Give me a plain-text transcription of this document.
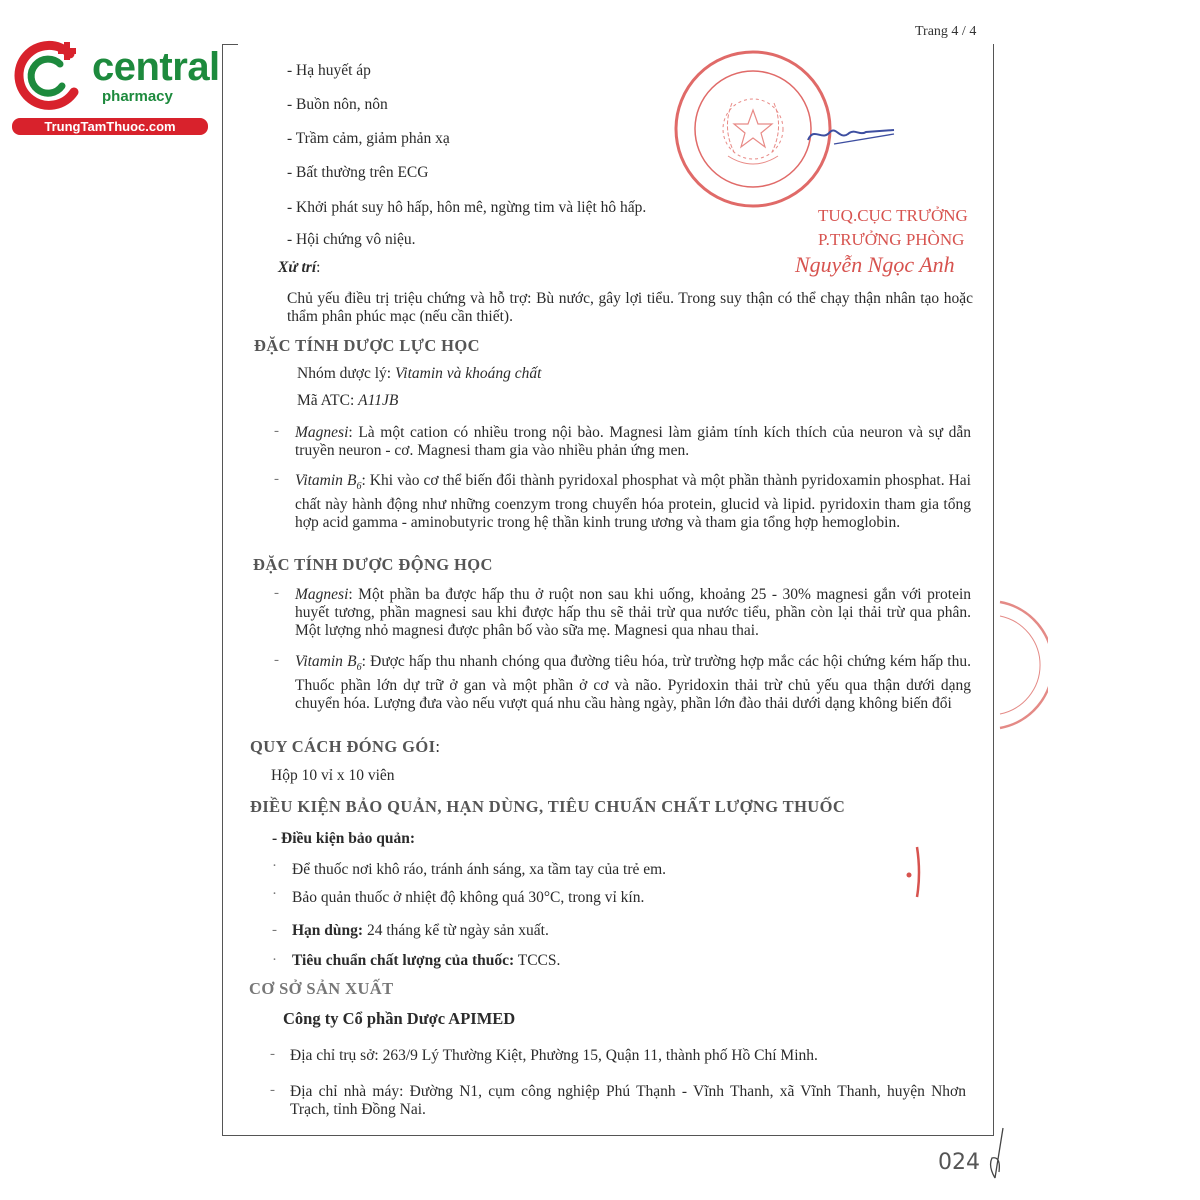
central
pharmacy
TrungTamThuoc.com
Trang 4 / 4
TUQ.CỤC TRƯỞNG
P.TRƯỞNG PHÒNG
Nguyễn Ngọc Anh
- Hạ huyết áp
- Buồn nôn, nôn
- Trầm cảm, giảm phản xạ
- Bất thường trên ECG
- Khởi phát suy hô hấp, hôn mê, ngừng tim và liệt hô hấp.
- Hội chứng vô niệu.
Xử trí:
Chủ yếu điều trị triệu chứng và hỗ trợ: Bù nước, gây lợi tiểu. Trong suy thận có thể chạy thận nhân tạo hoặc thẩm phân phúc mạc (nếu cần thiết).
ĐẶC TÍNH DƯỢC LỰC HỌC
Nhóm dược lý: Vitamin và khoáng chất
Mã ATC: A11JB
- Magnesi: Là một cation có nhiều trong nội bào. Magnesi làm giảm tính kích thích của neuron và sự dẫn truyền neuron - cơ. Magnesi tham gia vào nhiều phản ứng men.
- Vitamin $B_6$: Khi vào cơ thể biến đổi thành pyridoxal phosphat và một phần thành pyridoxamin phosphat. Hai chất này hành động như những coenzym trong chuyển hóa protein, glucid và lipid. pyridoxin tham gia tổng hợp acid gamma - aminobutyric trong hệ thần kinh trung ương và tham gia tổng hợp hemoglobin.
ĐẶC TÍNH DƯỢC ĐỘNG HỌC
- Magnesi: Một phần ba được hấp thu ở ruột non sau khi uống, khoảng 25 - 30% magnesi gắn với protein huyết tương, phần magnesi sau khi được hấp thu sẽ thải trừ qua nước tiểu, phần còn lại thải trừ qua phân. Một lượng nhỏ magnesi được phân bố vào sữa mẹ. Magnesi qua nhau thai.
- Vitamin $B_6$: Được hấp thu nhanh chóng qua đường tiêu hóa, trừ trường hợp mắc các hội chứng kém hấp thu. Thuốc phần lớn dự trữ ở gan và một phần ở cơ và não. Pyridoxin thải trừ chủ yếu qua thận dưới dạng chuyển hóa. Lượng đưa vào nếu vượt quá nhu cầu hàng ngày, phần lớn đào thải dưới dạng không biến đổi
QUY CÁCH ĐÓNG GÓI:
Hộp 10 vỉ x 10 viên
ĐIỀU KIỆN BẢO QUẢN, HẠN DÙNG, TIÊU CHUẨN CHẤT LƯỢNG THUỐC
- Điều kiện bảo quản:
· Để thuốc nơi khô ráo, tránh ánh sáng, xa tầm tay của trẻ em.
· Bảo quản thuốc ở nhiệt độ không quá 30°C, trong vỉ kín.
- Hạn dùng: 24 tháng kể từ ngày sản xuất.
· Tiêu chuẩn chất lượng của thuốc: TCCS.
CƠ SỞ SẢN XUẤT
Công ty Cổ phần Dược APIMED
- Địa chỉ trụ sở: 263/9 Lý Thường Kiệt, Phường 15, Quận 11, thành phố Hồ Chí Minh.
- Địa chỉ nhà máy: Đường N1, cụm công nghiệp Phú Thạnh - Vĩnh Thanh, xã Vĩnh Thanh, huyện Nhơn Trạch, tỉnh Đồng Nai.
024
